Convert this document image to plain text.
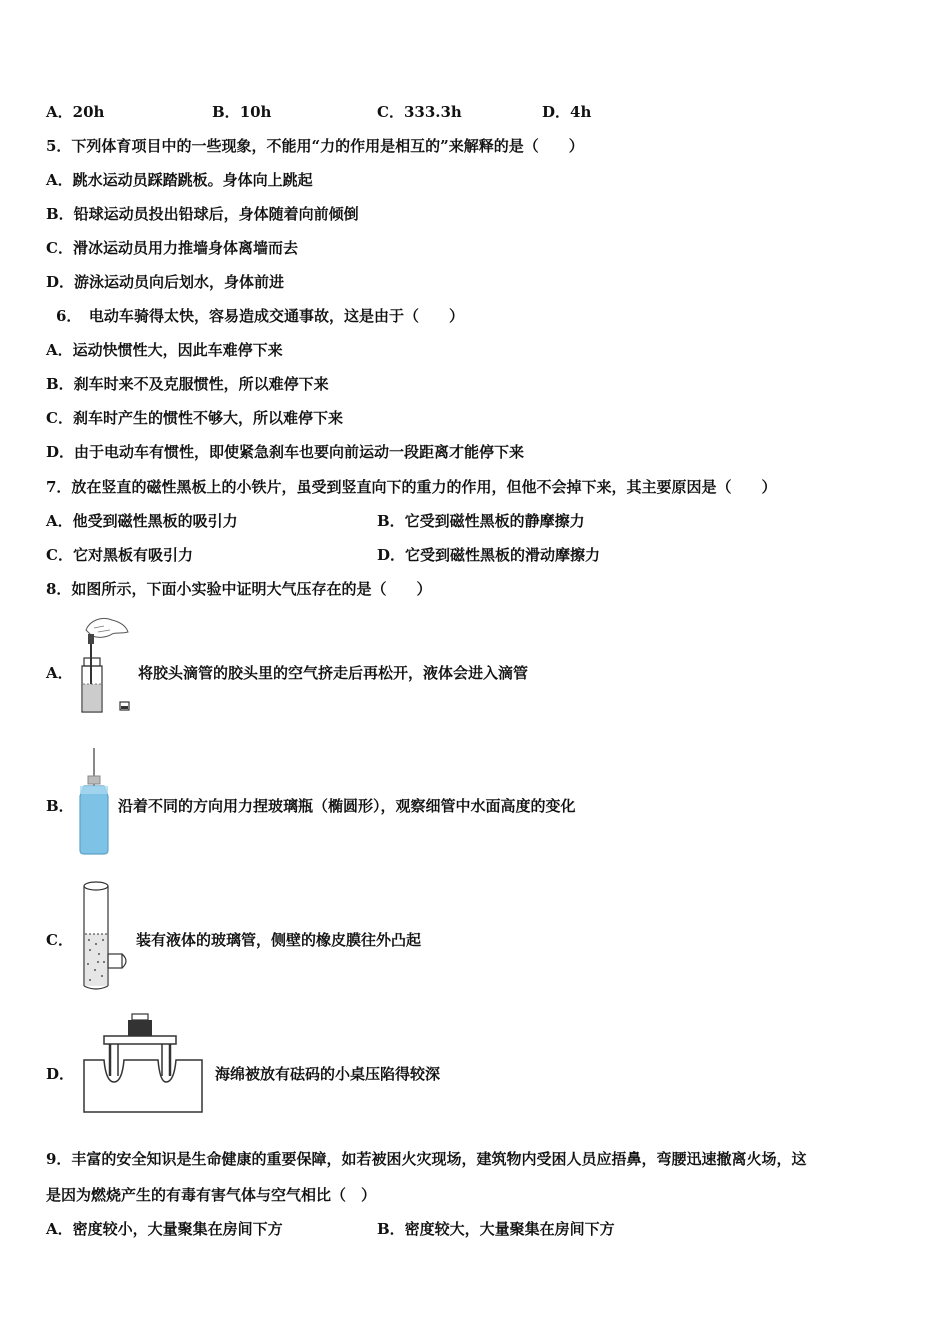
A．20h	B．10h	C．333.3h	D．4h
5．下列体育项目中的一些现象，不能用“力的作用是相互的”来解释的是（　　）
A．跳水运动员踩踏跳板。身体向上跳起
B．铅球运动员投出铅球后，身体随着向前倾倒
C．滑冰运动员用力推墙身体离墙而去
D．游泳运动员向后划水，身体前进
6．　电动车骑得太快，容易造成交通事故，这是由于（　　）
A．运动快惯性大，因此车难停下来
B．刹车时来不及克服惯性，所以难停下来
C．刹车时产生的惯性不够大，所以难停下来
D．由于电动车有惯性，即使紧急刹车也要向前运动一段距离才能停下来
7．放在竖直的磁性黑板上的小铁片，虽受到竖直向下的重力的作用，但他不会掉下来，其主要原因是（　　）
A．他受到磁性黑板的吸引力	B．它受到磁性黑板的静摩擦力
C．它对黑板有吸引力	D．它受到磁性黑板的滑动摩擦力
8．如图所示，下面小实验中证明大气压存在的是（　　）
A．	将胶头滴管的胶头里的空气挤走后再松开，液体会进入滴管
B．	沿着不同的方向用力捏玻璃瓶（椭圆形），观察细管中水面高度的变化
C．	装有液体的玻璃管，侧壁的橡皮膜往外凸起
D．	海绵被放有砝码的小桌压陷得较深
9．丰富的安全知识是生命健康的重要保障，如若被困火灾现场，建筑物内受困人员应捂鼻，弯腰迅速撤离火场，这
是因为燃烧产生的有毒有害气体与空气相比（　）
A．密度较小，大量聚集在房间下方	B．密度较大，大量聚集在房间下方
